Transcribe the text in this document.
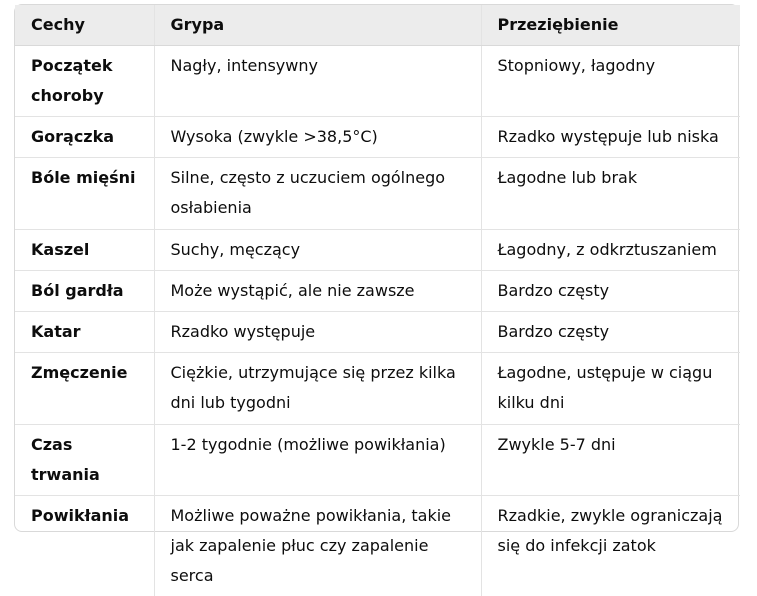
Cechy	Grypa	Przeziębienie
Początek choroby	Nagły, intensywny	Stopniowy, łagodny
Gorączka	Wysoka (zwykle >38,5°C)	Rzadko występuje lub niska
Bóle mięśni	Silne, często z uczuciem ogólnego osłabienia	Łagodne lub brak
Kaszel	Suchy, męczący	Łagodny, z odkrztuszaniem
Ból gardła	Może wystąpić, ale nie zawsze	Bardzo częsty
Katar	Rzadko występuje	Bardzo częsty
Zmęczenie	Ciężkie, utrzymujące się przez kilka dni lub tygodni	Łagodne, ustępuje w ciągu kilku dni
Czas trwania	1-2 tygodnie (możliwe powikłania)	Zwykle 5-7 dni
Powikłania	Możliwe poważne powikłania, takie jak zapalenie płuc czy zapalenie serca	Rzadkie, zwykle ograniczają się do infekcji zatok
